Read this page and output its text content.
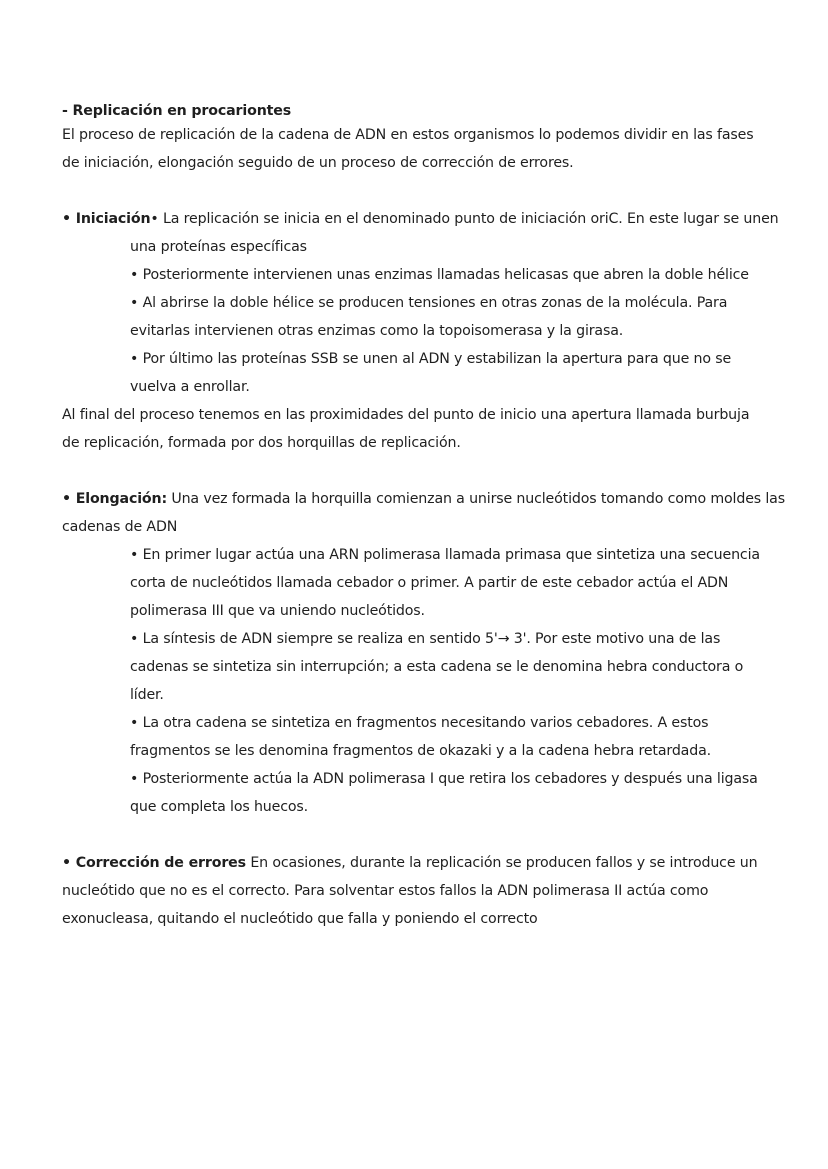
- Replicación en procariontes
El proceso de replicación de la cadena de ADN en estos organismos lo podemos dividir en las fases
de iniciación, elongación seguido de un proceso de corrección de errores.
• Iniciación• La replicación se inicia en el denominado punto de iniciación oriC. En este lugar se unen
una proteínas específicas
• Posteriormente intervienen unas enzimas llamadas helicasas que abren la doble hélice
• Al abrirse la doble hélice se producen tensiones en otras zonas de la molécula. Para
evitarlas intervienen otras enzimas como la topoisomerasa y la girasa.
• Por último las proteínas SSB se unen al ADN y estabilizan la apertura para que no se
vuelva a enrollar.
Al final del proceso tenemos en las proximidades del punto de inicio una apertura llamada burbuja
de replicación, formada por dos horquillas de replicación.
• Elongación: Una vez formada la horquilla comienzan a unirse nucleótidos tomando como moldes las
cadenas de ADN
• En primer lugar actúa una ARN polimerasa llamada primasa que sintetiza una secuencia
corta de nucleótidos llamada cebador o primer. A partir de este cebador actúa el ADN
polimerasa III que va uniendo nucleótidos.
• La síntesis de ADN siempre se realiza en sentido 5'→ 3'. Por este motivo una de las
cadenas se sintetiza sin interrupción; a esta cadena se le denomina hebra conductora o
líder.
• La otra cadena se sintetiza en fragmentos necesitando varios cebadores. A estos
fragmentos se les denomina fragmentos de okazaki y a la cadena hebra retardada.
• Posteriormente actúa la ADN polimerasa I que retira los cebadores y después una ligasa
que completa los huecos.
• Corrección de errores En ocasiones, durante la replicación se producen fallos y se introduce un
nucleótido que no es el correcto. Para solventar estos fallos la ADN polimerasa II actúa como
exonucleasa, quitando el nucleótido que falla y poniendo el correcto
